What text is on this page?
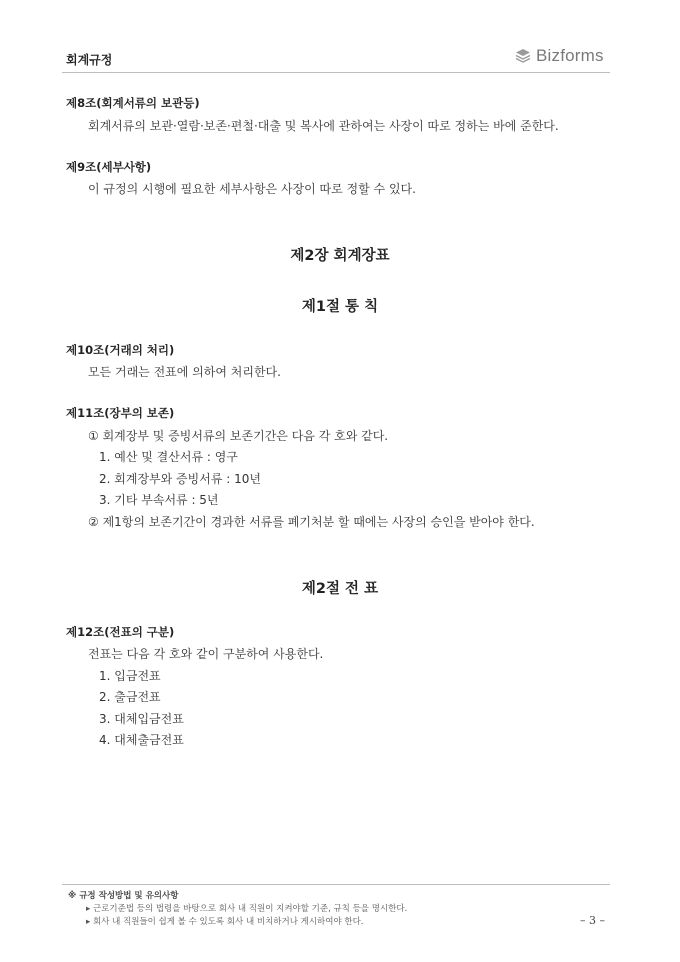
회계규정	Bizforms
제8조(회계서류의 보관등)
회계서류의 보관·열람·보존·편철·대출 및 복사에 관하여는 사장이 따로 정하는 바에 준한다.
제9조(세부사항)
이 규정의 시행에 필요한 세부사항은 사장이 따로 정할 수 있다.
제2장 회계장표
제1절 통 칙
제10조(거래의 처리)
모든 거래는 전표에 의하여 처리한다.
제11조(장부의 보존)
① 회계장부 및 증빙서류의 보존기간은 다음 각 호와 같다.
1. 예산 및 결산서류 : 영구
2. 회계장부와 증빙서류 : 10년
3. 기타 부속서류 : 5년
② 제1항의 보존기간이 경과한 서류를 폐기처분 할 때에는 사장의 승인을 받아야 한다.
제2절 전 표
제12조(전표의 구분)
전표는 다음 각 호와 같이 구분하여 사용한다.
1. 입금전표
2. 출금전표
3. 대체입금전표
4. 대체출금전표
※ 규정 작성방법 및 유의사항
▸ 근로기준법 등의 법령을 바탕으로 회사 내 직원이 지켜야할 기준, 규칙 등을 명시한다.
▸ 회사 내 직원들이 쉽게 볼 수 있도록 회사 내 비치하거나 게시하여야 한다.	– 3 –
